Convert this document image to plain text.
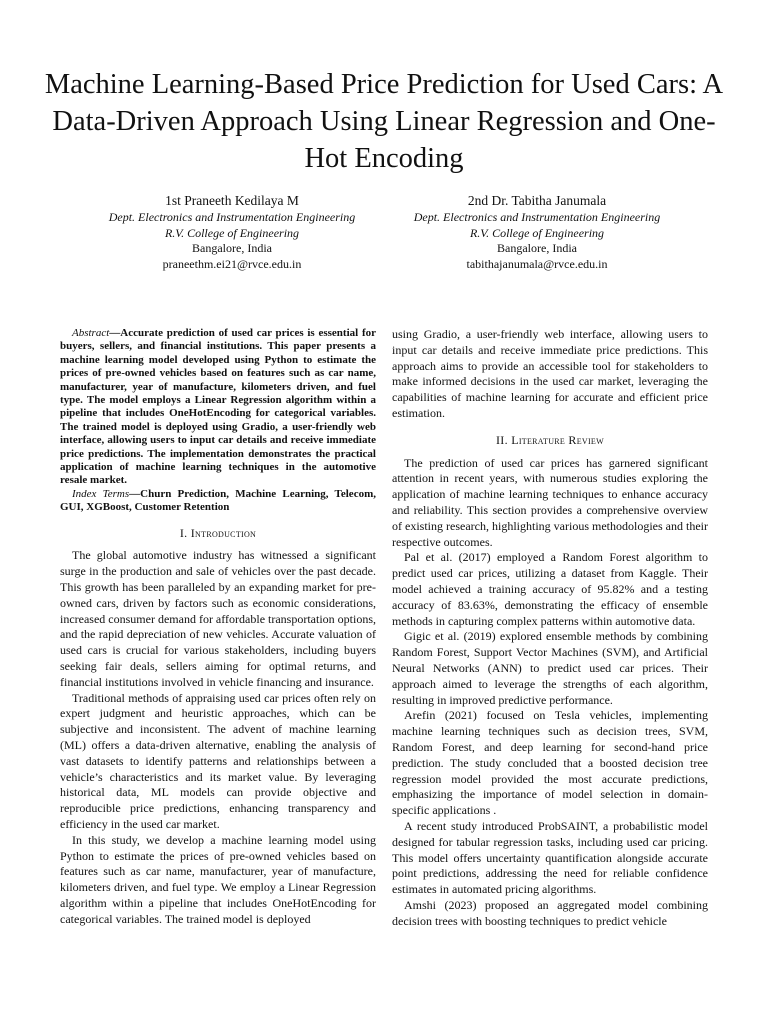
Machine Learning-Based Price Prediction for Used Cars: A Data-Driven Approach Using Linear Regression and One-Hot Encoding
1st Praneeth Kedilaya M
Dept. Electronics and Instrumentation Engineering
R.V. College of Engineering
Bangalore, India
praneethm.ei21@rvce.edu.in
2nd Dr. Tabitha Janumala
Dept. Electronics and Instrumentation Engineering
R.V. College of Engineering
Bangalore, India
tabithajanumala@rvce.edu.in

Abstract—Accurate prediction of used car prices is essential for buyers, sellers, and financial institutions. This paper presents a machine learning model developed using Python to estimate the prices of pre-owned vehicles based on features such as car name, manufacturer, year of manufacture, kilometers driven, and fuel type. The model employs a Linear Regression algorithm within a pipeline that includes OneHotEncoding for categorical variables. The trained model is deployed using Gradio, a user-friendly web interface, allowing users to input car details and receive immediate price predictions. The implementation demonstrates the practical application of machine learning techniques in the automotive resale market.

Index Terms—Churn Prediction, Machine Learning, Telecom, GUI, XGBoost, Customer Retention

I. Introduction

The global automotive industry has witnessed a significant surge in the production and sale of vehicles over the past decade. This growth has been paralleled by an expanding market for pre-owned cars, driven by factors such as economic considerations, increased consumer demand for affordable transportation options, and the rapid depreciation of new vehicles. Accurate valuation of used cars is crucial for various stakeholders, including buyers seeking fair deals, sellers aiming for optimal returns, and financial institutions involved in vehicle financing and insurance.

Traditional methods of appraising used car prices often rely on expert judgment and heuristic approaches, which can be subjective and inconsistent. The advent of machine learning (ML) offers a data-driven alternative, enabling the analysis of vast datasets to identify patterns and relationships between a vehicle’s characteristics and its market value. By leveraging historical data, ML models can provide objective and reproducible price predictions, enhancing transparency and efficiency in the used car market.

In this study, we develop a machine learning model using Python to estimate the prices of pre-owned vehicles based on features such as car name, manufacturer, year of manufacture, kilometers driven, and fuel type. We employ a Linear Regression algorithm within a pipeline that includes OneHotEncoding for categorical variables. The trained model is deployed

using Gradio, a user-friendly web interface, allowing users to input car details and receive immediate price predictions. This approach aims to provide an accessible tool for stakeholders to make informed decisions in the used car market, leveraging the capabilities of machine learning for accurate and efficient price estimation.

II. Literature Review

The prediction of used car prices has garnered significant attention in recent years, with numerous studies exploring the application of machine learning techniques to enhance accuracy and reliability. This section provides a comprehensive overview of existing research, highlighting various methodologies and their respective outcomes.

Pal et al. (2017) employed a Random Forest algorithm to predict used car prices, utilizing a dataset from Kaggle. Their model achieved a training accuracy of 95.82% and a testing accuracy of 83.63%, demonstrating the efficacy of ensemble methods in capturing complex patterns within automotive data.

Gigic et al. (2019) explored ensemble methods by combining Random Forest, Support Vector Machines (SVM), and Artificial Neural Networks (ANN) to predict used car prices. Their approach aimed to leverage the strengths of each algorithm, resulting in improved predictive performance.

Arefin (2021) focused on Tesla vehicles, implementing machine learning techniques such as decision trees, SVM, Random Forest, and deep learning for second-hand price prediction. The study concluded that a boosted decision tree regression model provided the most accurate predictions, emphasizing the importance of model selection in domain-specific applications .

A recent study introduced ProbSAINT, a probabilistic model designed for tabular regression tasks, including used car pricing. This model offers uncertainty quantification alongside accurate point predictions, addressing the need for reliable confidence estimates in automated pricing algorithms.

Amshi (2023) proposed an aggregated model combining decision trees with boosting techniques to predict vehicle
